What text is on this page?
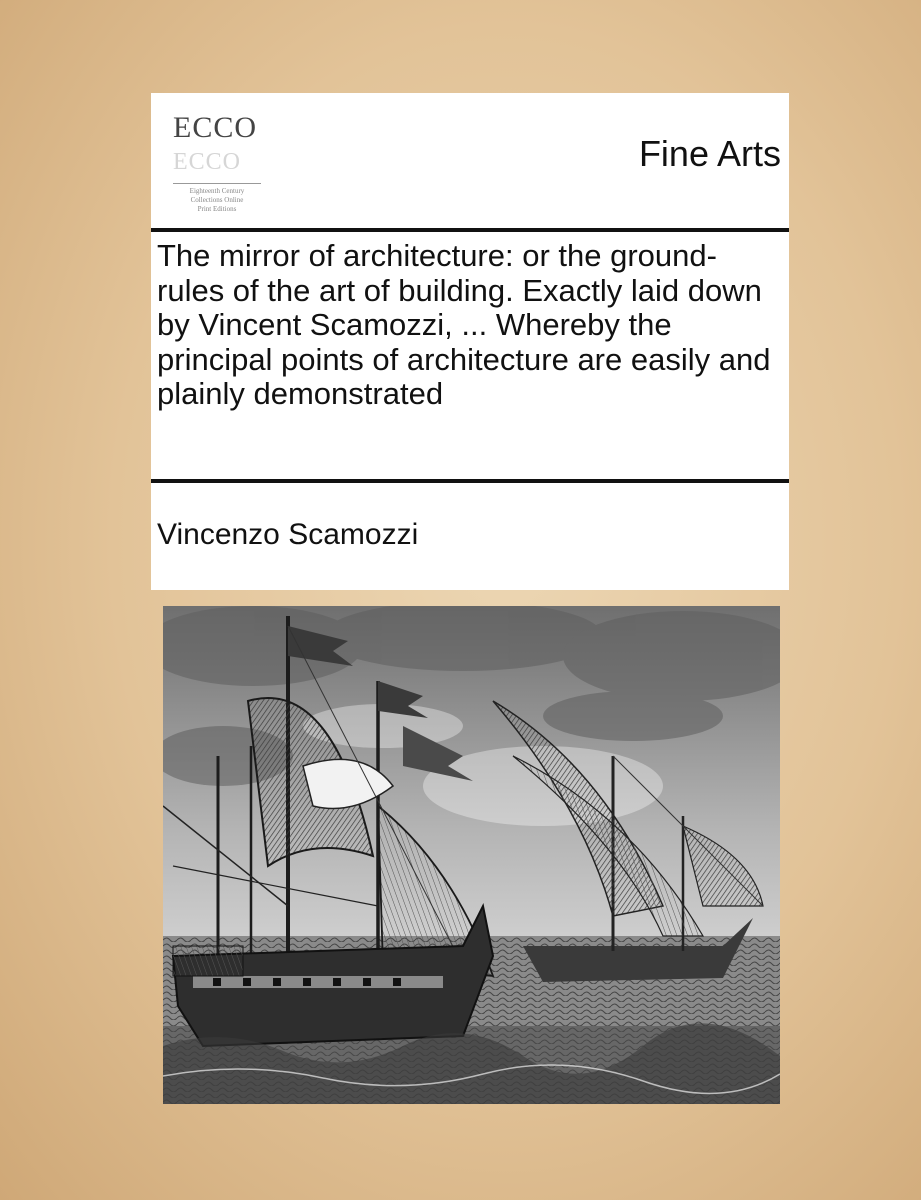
ECCO
ECCO
Eighteenth Century
Collections Online
Print Editions
Fine Arts
The mirror of architecture: or the ground-rules of the art of building. Exactly laid down by Vincent Scamozzi, ... Whereby the principal points of architecture are easily and plainly demonstrated
Vincenzo Scamozzi
